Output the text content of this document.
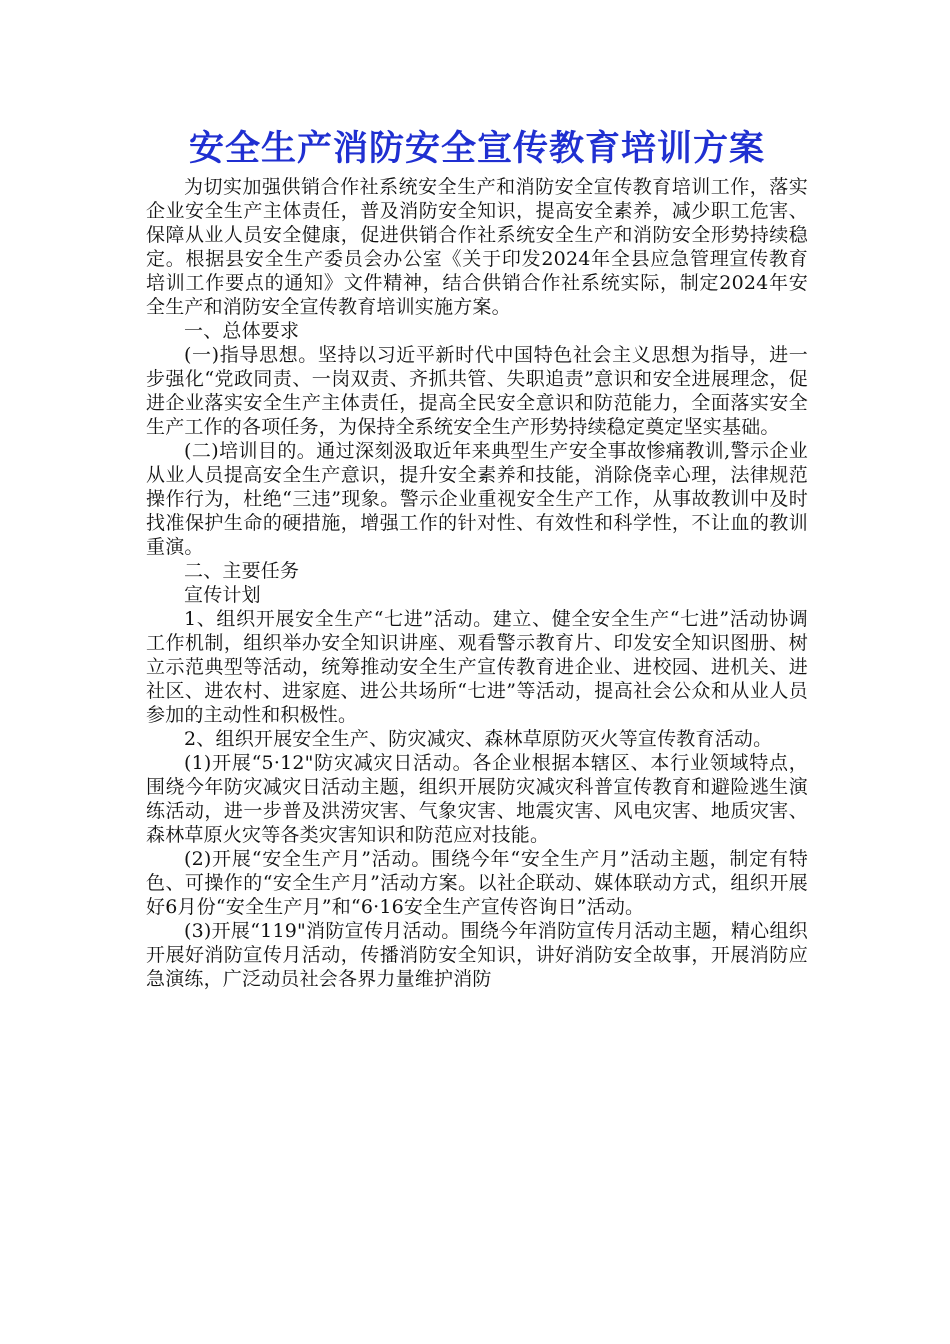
安全生产消防安全宣传教育培训方案

为切实加强供销合作社系统安全生产和消防安全宣传教育培训工作，落实企业安全生产主体责任，普及消防安全知识，提高安全素养，减少职工危害、保障从业人员安全健康，促进供销合作社系统安全生产和消防安全形势持续稳定。根据县安全生产委员会办公室《关于印发2024年全县应急管理宣传教育培训工作要点的通知》文件精神，结合供销合作社系统实际，制定2024年安全生产和消防安全宣传教育培训实施方案。

一、总体要求

(一)指导思想。坚持以习近平新时代中国特色社会主义思想为指导，进一步强化“党政同责、一岗双责、齐抓共管、失职追责”意识和安全进展理念，促进企业落实安全生产主体责任，提高全民安全意识和防范能力，全面落实安全生产工作的各项任务，为保持全系统安全生产形势持续稳定奠定坚实基础。

(二)培训目的。通过深刻汲取近年来典型生产安全事故惨痛教训,警示企业从业人员提高安全生产意识，提升安全素养和技能，消除侥幸心理，法律规范操作行为，杜绝“三违”现象。警示企业重视安全生产工作，从事故教训中及时找准保护生命的硬措施，增强工作的针对性、有效性和科学性，不让血的教训重演。

二、主要任务

宣传计划

1、组织开展安全生产“七进”活动。建立、健全安全生产“七进”活动协调工作机制，组织举办安全知识讲座、观看警示教育片、印发安全知识图册、树立示范典型等活动，统筹推动安全生产宣传教育进企业、进校园、进机关、进社区、进农村、进家庭、进公共场所“七进”等活动，提高社会公众和从业人员参加的主动性和积极性。

2、组织开展安全生产、防灾减灾、森林草原防灭火等宣传教育活动。

(1)开展“5·12"防灾减灾日活动。各企业根据本辖区、本行业领域特点，围绕今年防灾减灾日活动主题，组织开展防灾减灾科普宣传教育和避险逃生演练活动，进一步普及洪涝灾害、气象灾害、地震灾害、风电灾害、地质灾害、森林草原火灾等各类灾害知识和防范应对技能。

(2)开展“安全生产月”活动。围绕今年“安全生产月”活动主题，制定有特色、可操作的“安全生产月”活动方案。以社企联动、媒体联动方式，组织开展好6月份“安全生产月”和“6·16安全生产宣传咨询日”活动。

(3)开展“119"消防宣传月活动。围绕今年消防宣传月活动主题，精心组织开展好消防宣传月活动，传播消防安全知识，讲好消防安全故事，开展消防应急演练，广泛动员社会各界力量维护消防
